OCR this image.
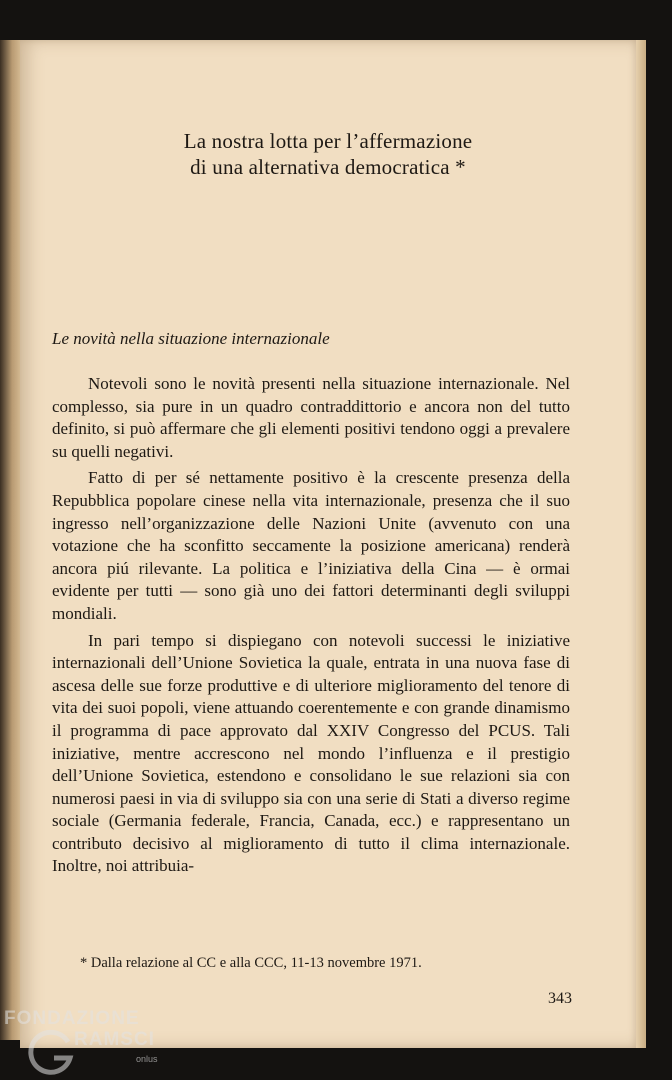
La nostra lotta per l’affermazione
di una alternativa democratica *
Le novità nella situazione internazionale

Notevoli sono le novità presenti nella situazione internazionale. Nel complesso, sia pure in un quadro contraddittorio e ancora non del tutto definito, si può affermare che gli elementi positivi tendono oggi a prevalere su quelli negativi.

Fatto di per sé nettamente positivo è la crescente presenza della Repubblica popolare cinese nella vita internazionale, presenza che il suo ingresso nell’organizzazione delle Nazioni Unite (avvenuto con una votazione che ha sconfitto seccamente la posizione americana) renderà ancora piú rilevante. La politica e l’iniziativa della Cina — è ormai evidente per tutti — sono già uno dei fattori determinanti degli sviluppi mondiali.

In pari tempo si dispiegano con notevoli successi le iniziative internazionali dell’Unione Sovietica la quale, entrata in una nuova fase di ascesa delle sue forze produttive e di ulteriore miglioramento del tenore di vita dei suoi popoli, viene attuando coerentemente e con grande dinamismo il programma di pace approvato dal XXIV Congresso del PCUS. Tali iniziative, mentre accrescono nel mondo l’influenza e il prestigio dell’Unione Sovietica, estendono e consolidano le sue relazioni sia con numerosi paesi in via di sviluppo sia con una serie di Stati a diverso regime sociale (Germania federale, Francia, Canada, ecc.) e rappresentano un contributo decisivo al miglioramento di tutto il clima internazionale. Inoltre, noi attribuia-

* Dalla relazione al CC e alla CCC, 11-13 novembre 1971.
343
FONDAZIONE
RAMSCI
onlus
